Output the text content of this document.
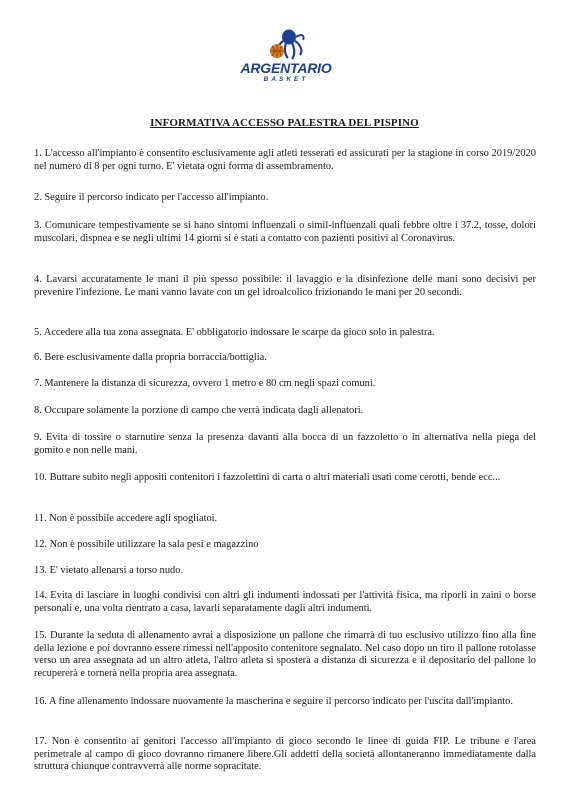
ARGENTARIO
BASKET
INFORMATIVA ACCESSO PALESTRA DEL PISPINO

1. L'accesso all'impianto è consentito esclusivamente agli atleti tesserati ed assicurati per la stagione in corso 2019/2020 nel numero di 8 per ogni turno. E' vietata ogni forma di assembramento.

2. Seguire il percorso indicato per l'accesso all'impianto.

3. Comunicare tempestivamente se si hano sintomi influenzali o simil-influenzali quali febbre oltre i 37.2, tosse, dolori muscolari, dispnea e se negli ultimi 14 giorni si è stati a contatto con pazienti positivi al Coronavirus.

4. Lavarsi accuratamente le mani il più spesso possibile: il lavaggio e la disinfezione delle mani sono decisivi per prevenire l'infezione. Le mani vanno lavate con un gel idroalcolico frizionando le mani per 20 secondi.

5. Accedere alla tua zona assegnata. E' obbligatorio indossare le scarpe da gioco solo in palestra.

6. Bere esclusivamente dalla propria borraccia/bottiglia.

7. Mantenere la distanza di sicurezza, ovvero 1 metro e 80 cm negli spazi comuni.

8. Occupare solamente la porzione di campo che verrà indicata dagli allenatori.

9. Evita di tossire o starnutire senza la presenza davanti alla bocca di un fazzoletto o in alternativa nella piega del gomito e non nelle mani.

10. Buttare subito negli appositi contenitori i fazzolettini di carta o altri materiali usati come cerotti, bende ecc...

11. Non è possibile accedere agli spogliatoi.

12. Non è possibile utilizzare la sala pesi e magazzino

13. E' vietato allenarsi a torso nudo.

14. Evita di lasciare in luoghi condivisi con altri gli indumenti indossati per l'attività fisica, ma riporli in zaini o borse personali e, una volta rientrato a casa, lavarli separatamente dagli altri indumenti.

15. Durante la seduta di allenamento avrai a disposizione un pallone che rimarrà di tuo esclusivo utilizzo fino alla fine della lezione e poi dovranno essere rimessi nell'apposito contenitore segnalato. Nel caso dopo un tiro il pallone rotolasse verso un area assegnata ad un altro atleta, l'altro atleta si sposterà a distanza di sicurezza e il depositario del pallone lo recupererà e tornerà nella propria area assegnata.

16. A fine allenamento indossare nuovamente la mascherina e seguire il percorso indicato per l'uscita dall'impianto.

17. Non è consentito ai genitori l'accesso all'impianto di gioco secondo le linee di guida FIP. Le tribune e l'area perimetrale al campo di gioco dovranno rimanere libere.Gli addetti della società allontaneranno immediatamente dalla struttura chiunque contravverrà alle norme sopracitate.
